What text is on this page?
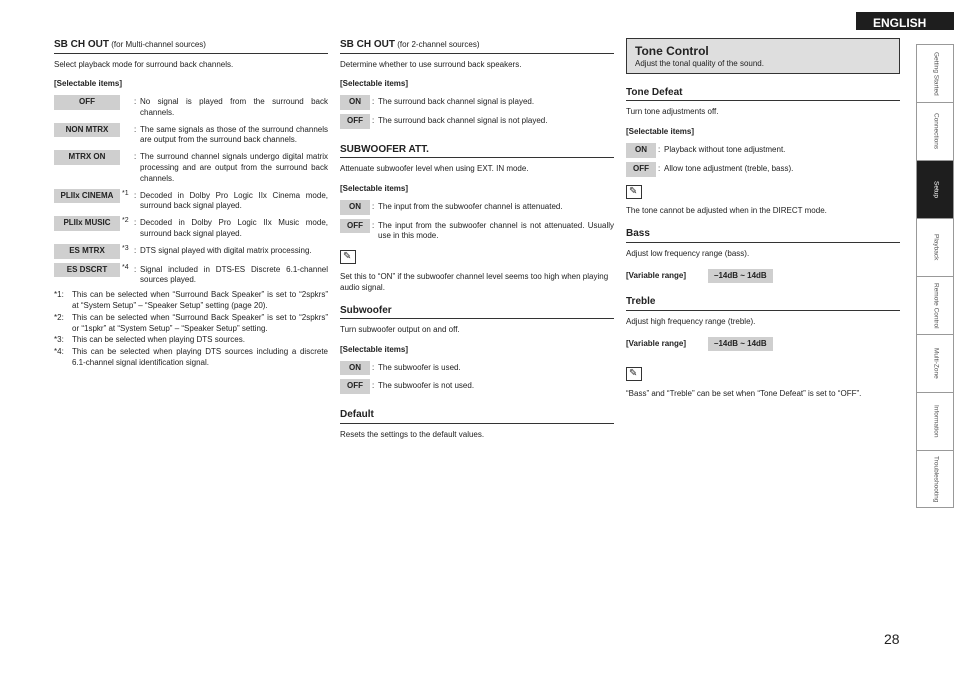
ENGLISH
SB CH OUT (for Multi-channel sources)
Select playback mode for surround back channels.
[Selectable items]
OFF	: No signal is played from the surround back channels.
NON MTRX	: The same signals as those of the surround channels are output from the surround back channels.
MTRX ON	: The surround channel signals undergo digital matrix processing and are output from the surround back channels.
PLIIx CINEMA	*1 : Decoded in Dolby Pro Logic IIx Cinema mode, surround back signal played.
PLIIx MUSIC	*2 : Decoded in Dolby Pro Logic IIx Music mode, surround back signal played.
ES MTRX	*3 : DTS signal played with digital matrix processing.
ES DSCRT	*4 : Signal included in DTS-ES Discrete 6.1-channel sources played.
*1:	This can be selected when “Surround Back Speaker” is set to “2spkrs” at “System Setup” – “Speaker Setup” setting (page 20).
*2:	This can be selected when “Surround Back Speaker” is set to “2spkrs” or “1spkr” at “System Setup” – “Speaker Setup” setting.
*3:	This can be selected when playing DTS sources.
*4:	This can be selected when playing DTS sources including a discrete 6.1-channel signal identification signal.
SB CH OUT (for 2-channel sources)
Determine whether to use surround back speakers.
[Selectable items]
ON	: The surround back channel signal is played.
OFF	: The surround back channel signal is not played.
SUBWOOFER ATT.
Attenuate subwoofer level when using EXT. IN mode.
[Selectable items]
ON	: The input from the subwoofer channel is attenuated.
OFF	: The input from the subwoofer channel is not attenuated. Usually use in this mode.
✎
Set this to “ON” if the subwoofer channel level seems too high when playing audio signal.
Subwoofer
Turn subwoofer output on and off.
[Selectable items]
ON	: The subwoofer is used.
OFF	: The subwoofer is not used.
Default
Resets the settings to the default values.
Tone Control
Adjust the tonal quality of the sound.
Tone Defeat
Turn tone adjustments off.
[Selectable items]
ON	: Playback without tone adjustment.
OFF	: Allow tone adjustment (treble, bass).
✎
The tone cannot be adjusted when in the DIRECT mode.
Bass
Adjust low frequency range (bass).
[Variable range]	–14dB ~ 14dB
Treble
Adjust high frequency range (treble).
[Variable range]	–14dB ~ 14dB
✎
“Bass” and “Treble” can be set when “Tone Defeat” is set to “OFF”.
Getting Started
Connections
Setup
Playback
Remote Control
Multi-Zone
Information
Troubleshooting
28
